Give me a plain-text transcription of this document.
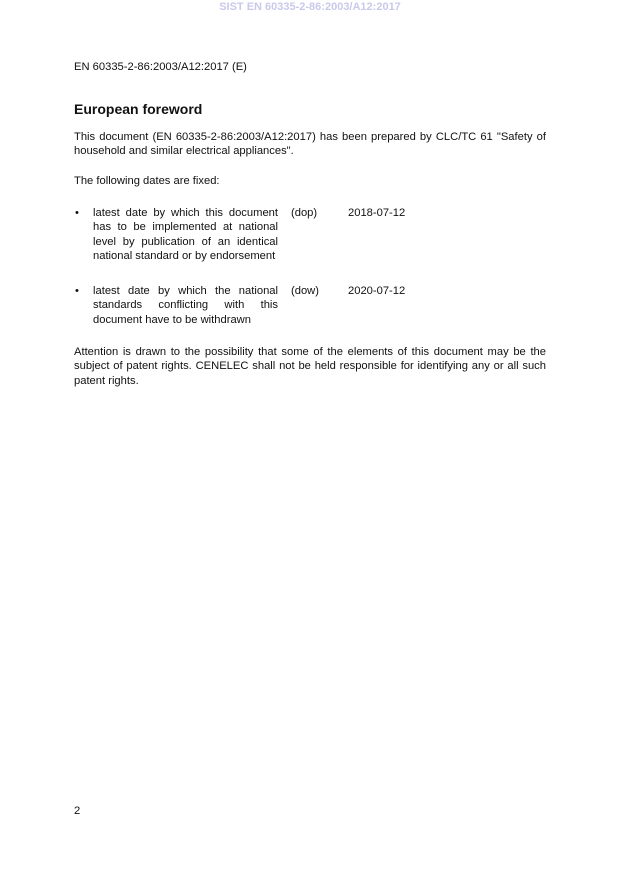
SIST EN 60335-2-86:2003/A12:2017
EN 60335-2-86:2003/A12:2017 (E)
European foreword
This document (EN 60335-2-86:2003/A12:2017) has been prepared by CLC/TC 61 "Safety of household and similar electrical appliances".
The following dates are fixed:
• latest date by which this document has to be implemented at national level by publication of an identical national standard or by endorsement
(dop)	2018-07-12
• latest date by which the national standards conflicting with this document have to be withdrawn
(dow)	2020-07-12
Attention is drawn to the possibility that some of the elements of this document may be the subject of patent rights. CENELEC shall not be held responsible for identifying any or all such patent rights.
2
